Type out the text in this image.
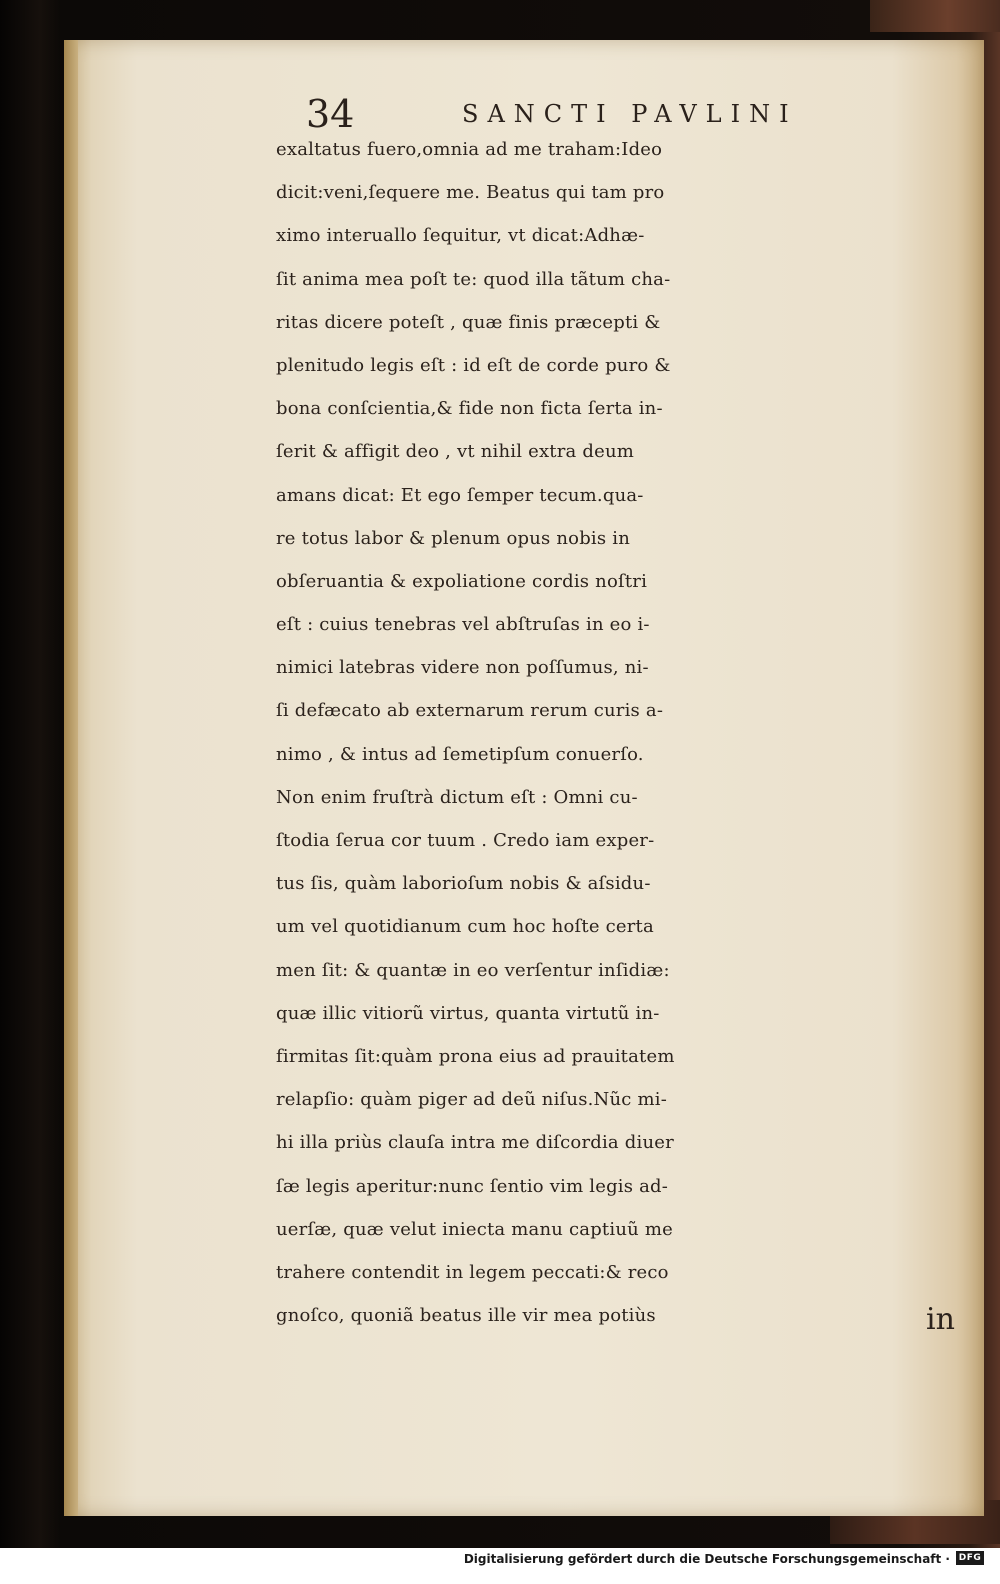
34	SANCTI PAVLINI
exaltatus fuero,omnia ad me traham:Ideo
dicit:veni,ſequere me. Beatus qui tam pro
ximo interuallo ſequitur, vt dicat:Adhæ-
ſit anima mea poſt te: quod illa tãtum cha-
ritas dicere poteſt , quæ finis præcepti &
plenitudo legis eſt : id eſt de corde puro &
bona conſcientia,& fide non ficta ſerta in-
ſerit & affigit deo , vt nihil extra deum
amans dicat: Et ego ſemper tecum.qua-
re totus labor & plenum opus nobis in
obſeruantia & expoliatione cordis noſtri
eſt : cuius tenebras vel abſtruſas in eo i-
nimici latebras videre non poſſumus, ni-
ſi defæcato ab externarum rerum curis a-
nimo , & intus ad ſemetipſum conuerſo.
Non enim fruſtrà dictum eſt : Omni cu-
ſtodia ſerua cor tuum . Credo iam exper-
tus ſis, quàm laborioſum nobis & aſsidu-
um vel quotidianum cum hoc hoſte certa
men ſit: & quantæ in eo verſentur inſidiæ:
quæ illic vitiorũ virtus, quanta virtutũ in-
firmitas ſit:quàm prona eius ad prauitatem
relapſio: quàm piger ad deũ niſus.Nũc mi-
hi illa priùs clauſa intra me diſcordia diuer
ſæ legis aperitur:nunc ſentio vim legis ad-
uerſæ, quæ velut iniecta manu captiuũ me
trahere contendit in legem peccati:& reco
gnoſco, quoniã beatus ille vir mea potiùs	in
Digitalisierung gefördert durch die Deutsche Forschungsgemeinschaft · DFG
